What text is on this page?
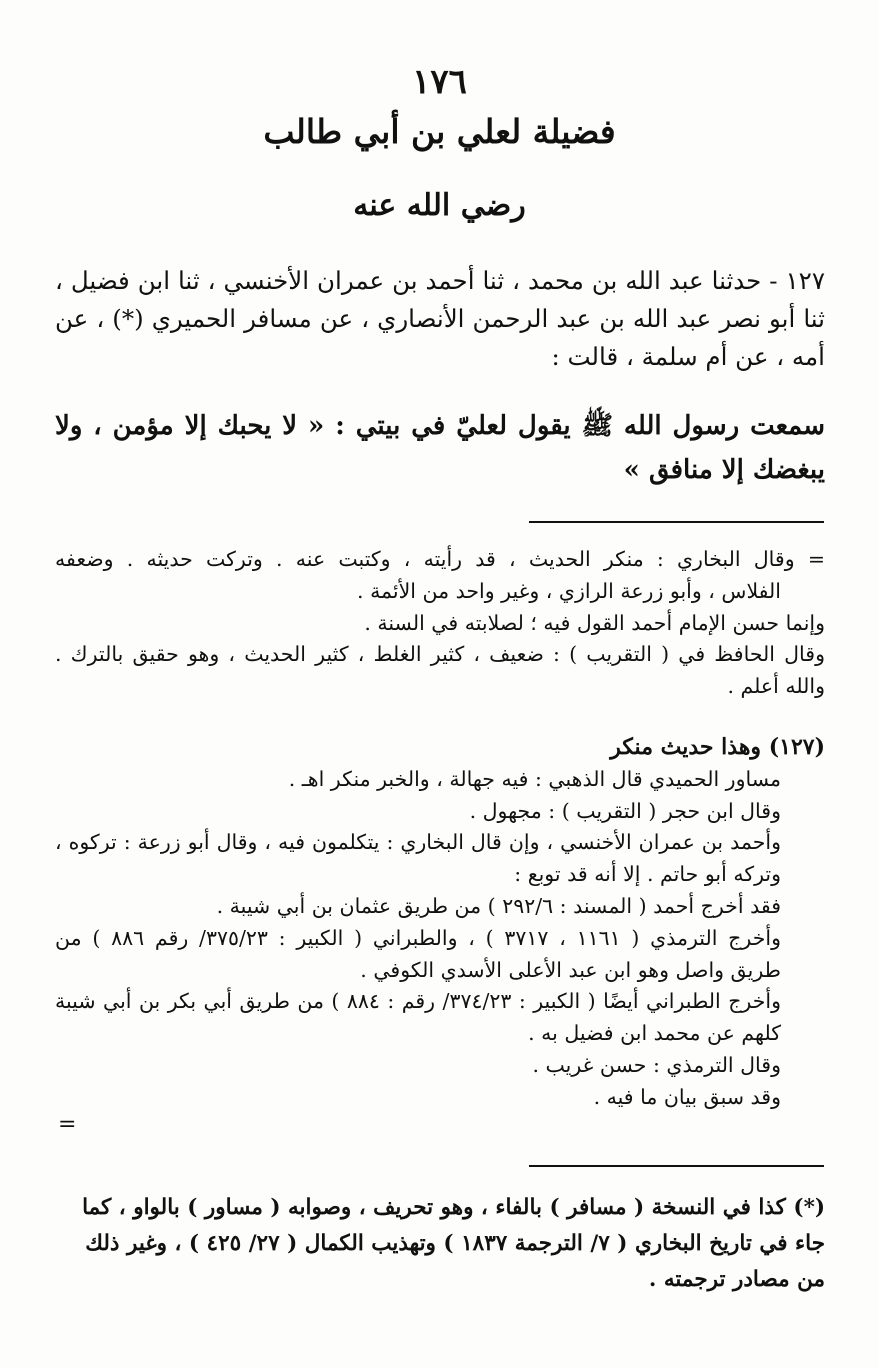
١٧٦
فضيلة لعلي بن أبي طالب
رضي الله عنه

١٢٧ - حدثنا عبد الله بن محمد ، ثنا أحمد بن عمران الأخنسي ، ثنا ابن فضيل ، ثنا أبو نصر عبد الله بن عبد الرحمن الأنصاري ، عن مسافر الحميري (*) ، عن أمه ، عن أم سلمة ، قالت :

سمعت رسول الله ﷺ يقول لعليّ في بيتي : « لا يحبك إلا مؤمن ، ولا يبغضك إلا منافق »

= وقال البخاري : منكر الحديث ، قد رأيته ، وكتبت عنه . وتركت حديثه . وضعفه
الفلاس ، وأبو زرعة الرازي ، وغير واحد من الأئمة .
وإنما حسن الإمام أحمد القول فيه ؛ لصلابته في السنة .
وقال الحافظ في ( التقريب ) : ضعيف ، كثير الغلط ، كثير الحديث ، وهو حقيق بالترك .
والله أعلم .
(١٢٧) وهذا حديث منكر
مساور الحميدي قال الذهبي : فيه جهالة ، والخبر منكر اهـ .
وقال ابن حجر ( التقريب ) : مجهول .
وأحمد بن عمران الأخنسي ، وإن قال البخاري : يتكلمون فيه ، وقال أبو زرعة : تركوه ،
وتركه أبو حاتم . إلا أنه قد توبع :
فقد أخرج أحمد ( المسند : ٢٩٢/٦ ) من طريق عثمان بن أبي شيبة .
وأخرج الترمذي ( ١١٦١ ، ٣٧١٧ ) ، والطبراني ( الكبير : ٣٧٥/٢٣/ رقم ٨٨٦ ) من
طريق واصل وهو ابن عبد الأعلى الأسدي الكوفي .
وأخرج الطبراني أيضًا ( الكبير : ٣٧٤/٢٣/ رقم : ٨٨٤ ) من طريق أبي بكر بن أبي شيبة
كلهم عن محمد ابن فضيل به .
وقال الترمذي : حسن غريب .
وقد سبق بيان ما فيه .
=

(*) كذا في النسخة ( مسافر ) بالفاء ، وهو تحريف ، وصوابه ( مساور ) بالواو ، كما جاء في تاريخ البخاري ( ٧/ الترجمة ١٨٣٧ ) وتهذيب الكمال ( ٢٧/ ٤٢٥ ) ، وغير ذلك من مصادر ترجمته .
